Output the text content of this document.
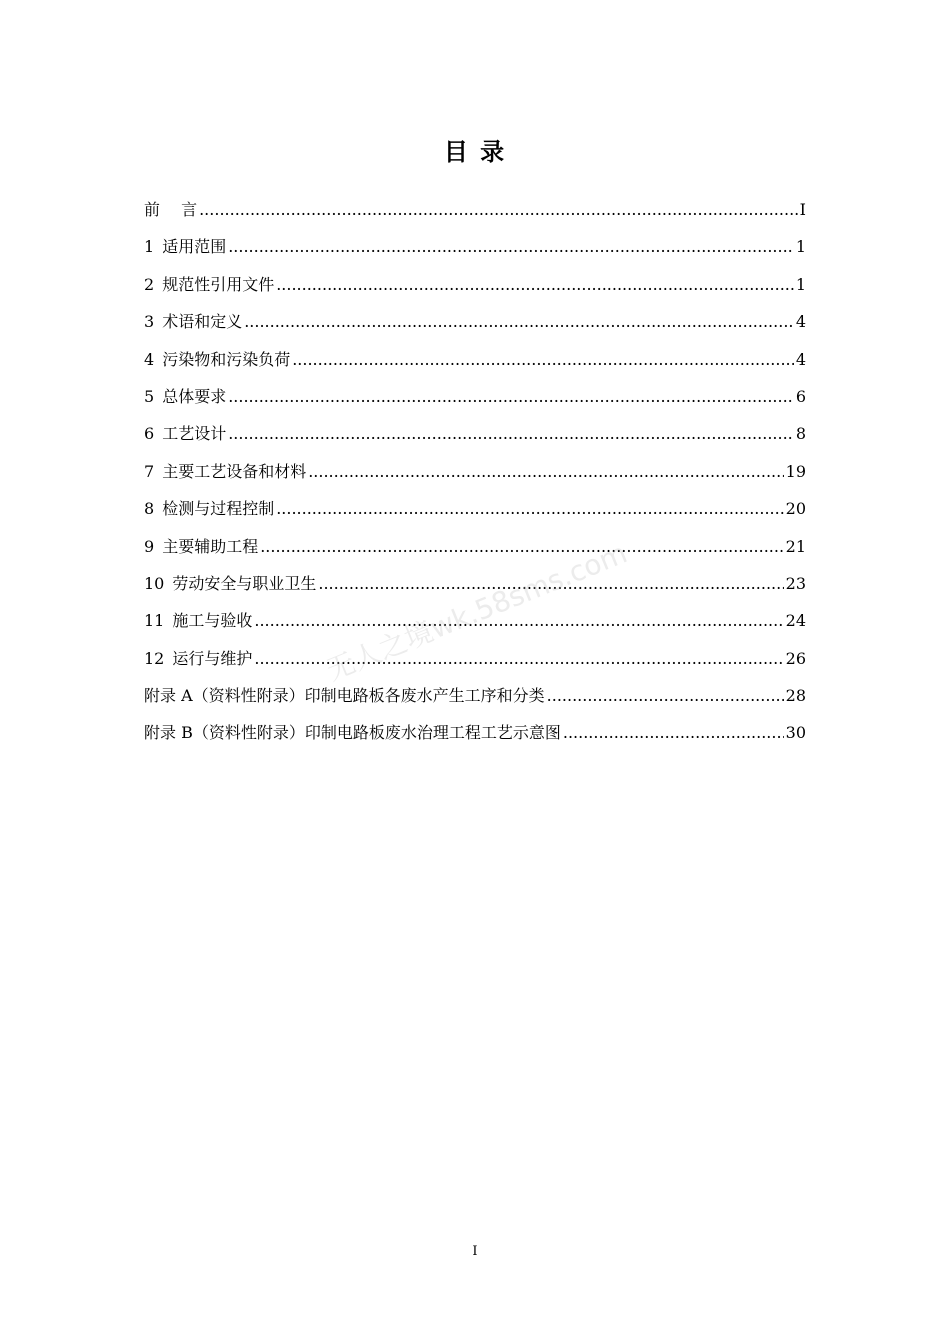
目 录
前　 言 .....	I
1 适用范围 .....	1
2 规范性引用文件 .....	1
3 术语和定义 .....	4
4 污染物和污染负荷 .....	4
5 总体要求 .....	6
6 工艺设计 .....	8
7 主要工艺设备和材料 .....	19
8 检测与过程控制 .....	20
9 主要辅助工程 .....	21
10 劳动安全与职业卫生 .....	23
11 施工与验收 .....	24
12 运行与维护 .....	26
附录 A（资料性附录）印制电路板各废水产生工序和分类 .....	28
附录 B（资料性附录）印制电路板废水治理工程工艺示意图 .....	30
无人之境wk.58sms.com
I
